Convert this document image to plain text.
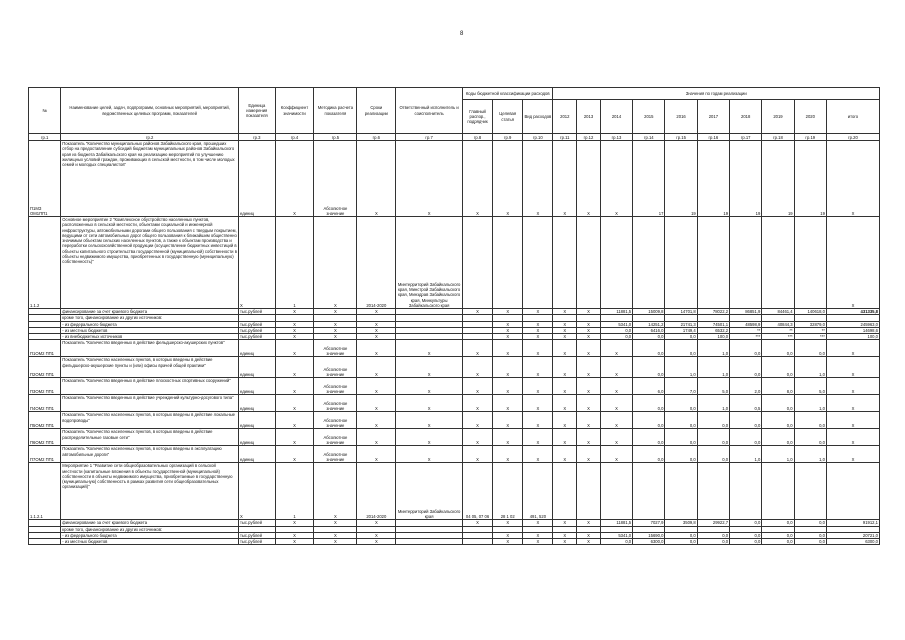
8
№	Наименование целей, задач, подпрограмм, основных мероприятий, мероприятий, ведомственных целевых программ, показателей	Единица измерения показателя	Коэффициент значимости	Методика расчета показателя	Сроки реализации	Ответственный исполнитель и соисполнитель	Коды бюджетной классификации расходов			Значения по годам реализации									
							Главный распор., подрядчик	Целевая статья	Вид расходов	2012	2013	2014	2015	2016	2017	2018	2019	2020	итого

гр.1	гр.2	гр.3	гр.4	гр.5	гр.6	гр.7	гр.8	гр.9	гр.10	гр.11	гр.12	гр.13	гр.14	гр.15	гр.16	гр.17	гр.18	гр.19	гр.20
П1МЗ ОМ1ПП1	Показатель "Количество муниципальных районов Забайкальского края, прошедших отбор на предоставление субсидий бюджетам муниципальных районов Забайкальского края из бюджета Забайкальского края на реализацию мероприятий по улучшению жилищных условий граждан, проживающих в сельской местности, в том числе молодых семей и молодых специалистов"	единиц	Х	Абсолютное значение	Х	Х	Х	Х	Х	Х	Х	Х	17	19	19	19	19	19	Х
1.1.2	Основное мероприятие 2 "Комплексное обустройство населенных пунктов, расположенных в сельской местности, объектами социальной и инженерной инфраструктуры, автомобильными дорогами общего пользования с твердым покрытием, ведущими от сети автомобильных дорог общего пользования к ближайшим общественно значимым объектам сельских населенных пунктов, а также к объектам производства и переработки сельскохозяйственной продукции (осуществление бюджетных инвестиций в объекты капитального строительства государственной (муниципальной) собственности в объекты недвижимого имущества, приобретенных в государственную (муниципальную) собственность)"	Х	1	Х	2014-2020	Минтерриторий Забайкальского края, Минстрой Забайкальского края, Минздрав Забайкальского края, Минкультуры Забайкальского края													Х
	финансирование за счет краевого бюджета	тыс.рублей	Х	Х	Х		Х	Х	Х	Х	Х	11881,5	15009,8	14701,8	78022,2	86851,9	84461,4	140618,0	431335,8
	кроме того, финансирование из других источников:																		
	- из федерального бюджета	тыс.рублей	Х	Х	Х			Х	Х	Х	Х	5341,0	14251,2	21741,3	74501,1	48598,9	40844,3	32879,0	245963,0
	- из местных бюджетов	тыс.рублей	Х	Х	Х			Х	Х	Х	Х	0,0	6416,0	1749,4	6532,2	**	**	**	14698,6
	- из внебюджетных источников	тыс.рублей	Х	Х	Х			Х	Х	Х	Х	0,0	0,0	0,0	100,0	***	***	***	100,0
П1ОМ2 ПП1	Показатель "Количество введенных в действие фельдшерско-акушерских пунктов"	единиц	Х	Абсолютное значение	Х	Х	Х	Х	Х	Х	Х	Х	0,0	0,0	1,0	0,0	0,0	0,0	Х
П2ОМ2 ПП1	Показатель "Количество населенных пунктов, в которых введены в действие фельдшерско-акушерские пункты и (или) офисы врачей общей практики"	единиц	Х	Абсолютное значение	Х	Х	Х	Х	Х	Х	Х	Х	0,0	1,0	1,0	0,0	0,0	1,0	Х
П3ОМ2 ПП1	Показатель "Количество введенных в действие плоскостных спортивных сооружений"	единиц	Х	Абсолютное значение	Х	Х	Х	Х	Х	Х	Х	Х	6,0	7,0	5,0	2,0	8,0	5,0	Х
П4ОМ2 ПП1	Показатель "Количество введенных в действие учреждений культурно-досугового типа"	единиц	Х	Абсолютное значение	Х	Х	Х	Х	Х	Х	Х	Х	0,0	0,0	1,0	0,5	0,0	1,0	Х
П5ОМ2 ПП1	Показатель "Количество населенных пунктов, в которых введены в действие локальные водопроводы"	единиц	Х	Абсолютное значение	Х	Х	Х	Х	Х	Х	Х	Х	0,0	0,0	0,0	0,0	0,0	0,0	Х
П6ОМ2 ПП1	Показатель "Количество населенных пунктов, в которых введены в действие распределительные газовые сети"	единиц	Х	Абсолютное значение	Х	Х	Х	Х	Х	Х	Х	Х	0,0	0,0	0,0	0,0	0,0	0,0	Х
П7ОМ2 ПП1	Показатель "Количество населенных пунктов, в которых введены в эксплуатацию автомобильные дороги"	единиц	Х	Абсолютное значение	Х	Х	Х	Х	Х	Х	Х	Х	0,0	0,0	0,0	1,0	1,0	1,0	Х
1.1.2.1	Мероприятие 1 "Развитие сети общеобразовательных организаций в сельской местности (капитальные вложения в объекты государственной (муниципальной) собственности в объекты недвижимого имущества, приобретаемые в государственную (муниципальную) собственность в рамках развития сети общеобразовательных организаций)"	Х	1	Х	2014-2020	Минтерриторий Забайкальского края	04 05, 07 06	28 1 02	491, 520										
	финансирование за счет краевого бюджета	тыс.рублей	Х	Х	Х		Х	Х	Х	Х	Х	11881,5	7027,9	3509,8	29922,7	0,0	0,0	0,0	91912,1
	кроме того, финансирование из других источников:																		
	- из федерального бюджета	тыс.рублей	Х	Х	Х			Х	Х	Х	Х	5341,0	15690,0	0,0	0,0	0,0	0,0	0,0	20721,0
	- из местных бюджетов	тыс.рублей	Х	Х	Х			Х	Х	Х	Х	0,0	6300,0	0,0	0,0	0,0	0,0	0,0	6300,0
